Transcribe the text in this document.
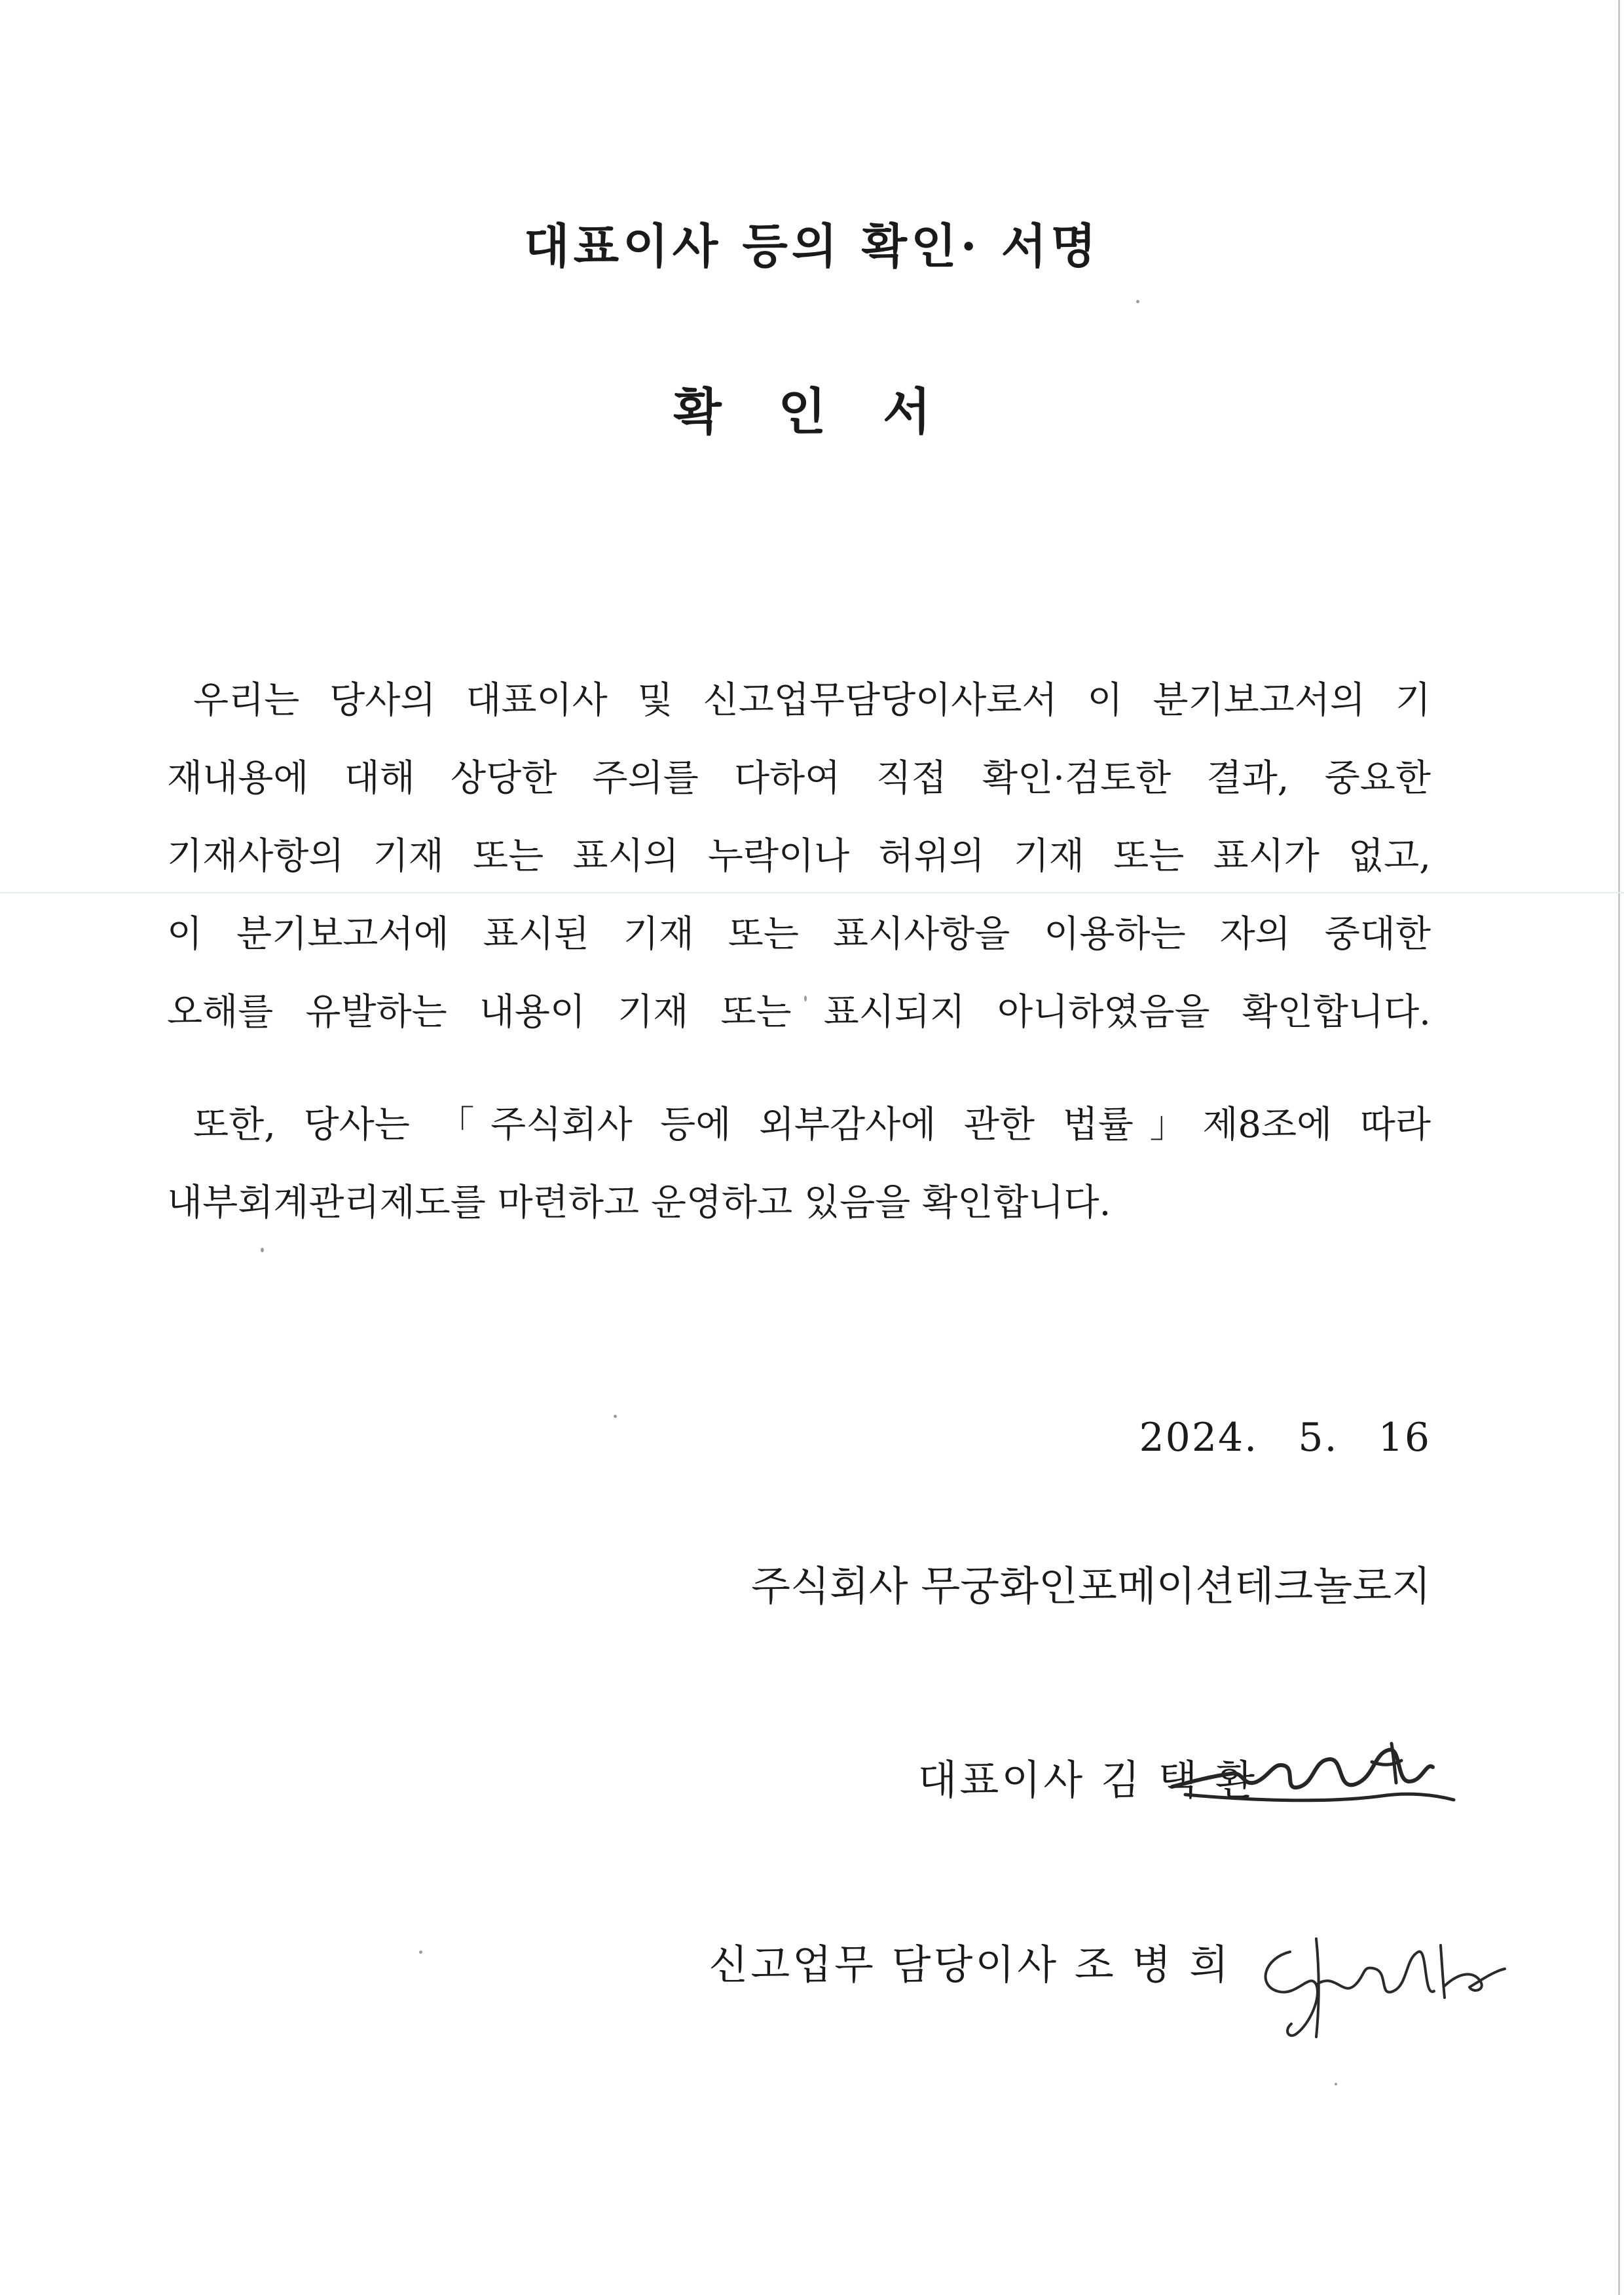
대표이사 등의 확인· 서명
확 인 서
우리는 당사의 대표이사 및 신고업무담당이사로서 이 분기보고서의 기
재내용에 대해 상당한 주의를 다하여 직접 확인·검토한 결과, 중요한
기재사항의 기재 또는 표시의 누락이나 허위의 기재 또는 표시가 없고,
이 분기보고서에 표시된 기재 또는 표시사항을 이용하는 자의 중대한
오해를 유발하는 내용이 기재 또는 표시되지 아니하였음을 확인합니다.
또한, 당사는 「주식회사 등에 외부감사에 관한 법률」제8조에 따라
내부회계관리제도를 마련하고 운영하고 있음을 확인합니다.
2024. 5. 16
주식회사 무궁화인포메이션테크놀로지
대표이사 김 택 환
신고업무 담당이사 조 병 희
